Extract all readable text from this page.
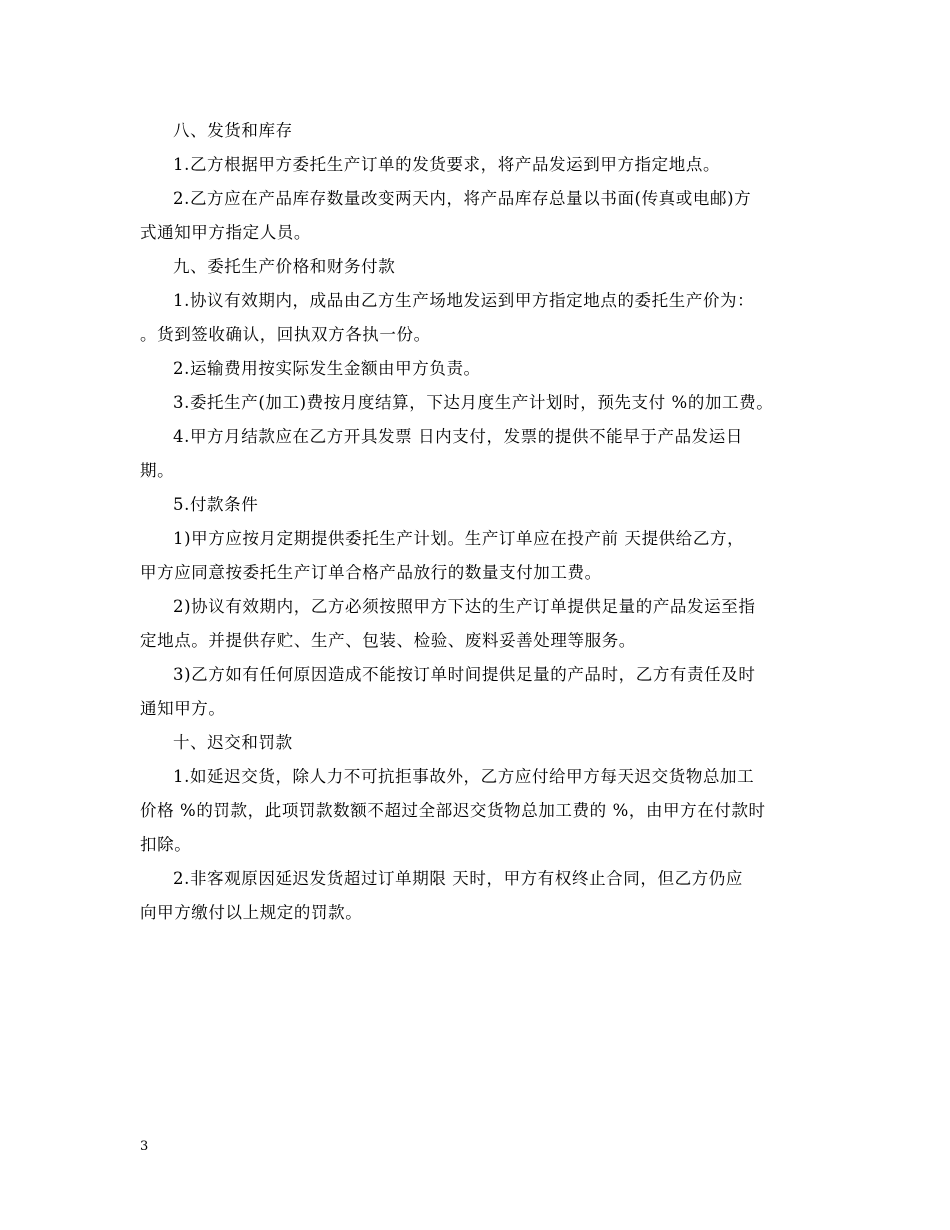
八、发货和库存
1.乙方根据甲方委托生产订单的发货要求，将产品发运到甲方指定地点。
2.乙方应在产品库存数量改变两天内，将产品库存总量以书面(传真或电邮)方
式通知甲方指定人员。
九、委托生产价格和财务付款
1.协议有效期内，成品由乙方生产场地发运到甲方指定地点的委托生产价为：
。货到签收确认，回执双方各执一份。
2.运输费用按实际发生金额由甲方负责。
3.委托生产(加工)费按月度结算，下达月度生产计划时，预先支付 %的加工费。
4.甲方月结款应在乙方开具发票 日内支付，发票的提供不能早于产品发运日
期。
5.付款条件
1)甲方应按月定期提供委托生产计划。生产订单应在投产前 天提供给乙方，
甲方应同意按委托生产订单合格产品放行的数量支付加工费。
2)协议有效期内，乙方必须按照甲方下达的生产订单提供足量的产品发运至指
定地点。并提供存贮、生产、包装、检验、废料妥善处理等服务。
3)乙方如有任何原因造成不能按订单时间提供足量的产品时，乙方有责任及时
通知甲方。
十、迟交和罚款
1.如延迟交货，除人力不可抗拒事故外，乙方应付给甲方每天迟交货物总加工
价格 %的罚款，此项罚款数额不超过全部迟交货物总加工费的 %，由甲方在付款时
扣除。
2.非客观原因延迟发货超过订单期限 天时，甲方有权终止合同，但乙方仍应
向甲方缴付以上规定的罚款。
3
